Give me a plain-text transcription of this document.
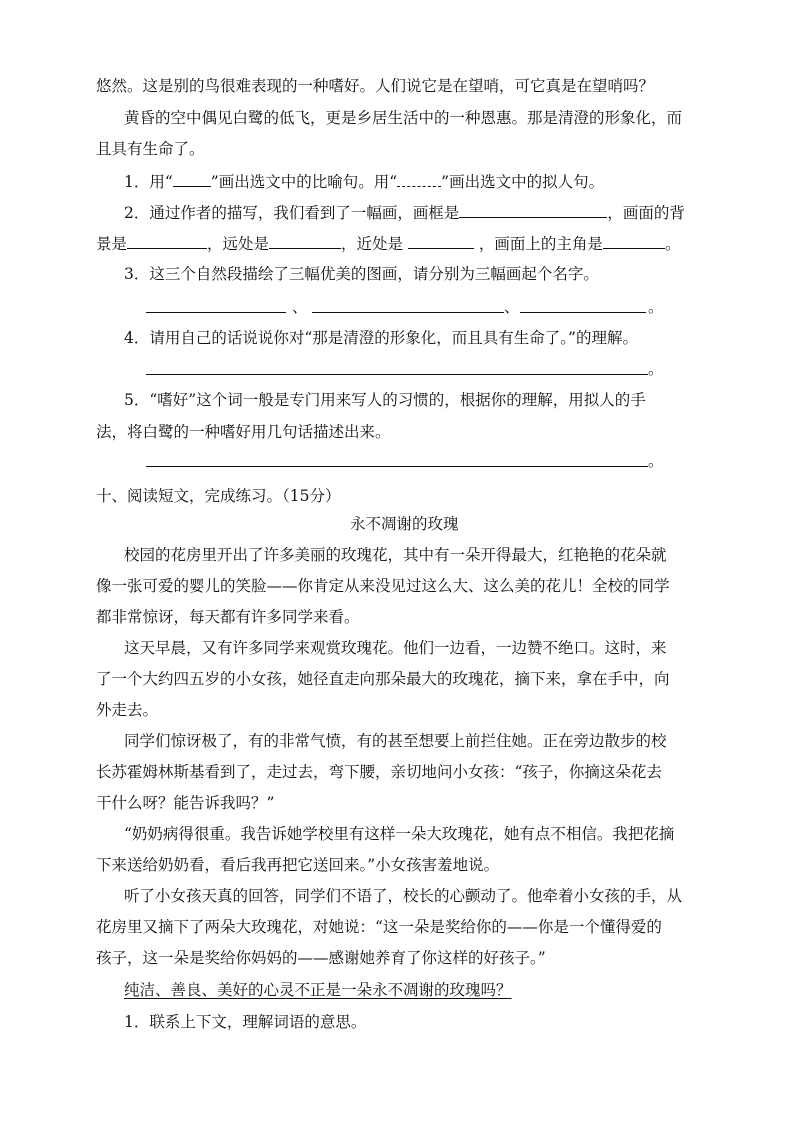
悠然。这是别的鸟很难表现的一种嗜好。人们说它是在望哨，可它真是在望哨吗？
黄昏的空中偶见白鹭的低飞，更是乡居生活中的一种恩惠。那是清澄的形象化，而
且具有生命了。
1．用“ ”画出选文中的比喻句。用“	”画出选文中的拟人句。
2．通过作者的描写，我们看到了一幅画，画框是	，画面的背
景是	，远处是	，近处是	，画面上的主角是	。
3．这三个自然段描绘了三幅优美的图画，请分别为三幅画起个名字。
、	、	。
4．请用自己的话说说你对“那是清澄的形象化，而且具有生命了。”的理解。
。
5．“嗜好”这个词一般是专门用来写人的习惯的，根据你的理解，用拟人的手
法，将白鹭的一种嗜好用几句话描述出来。
。
十、阅读短文，完成练习。（15分）
永不凋谢的玫瑰
校园的花房里开出了许多美丽的玫瑰花，其中有一朵开得最大，红艳艳的花朵就
像一张可爱的婴儿的笑脸——你肯定从来没见过这么大、这么美的花儿！全校的同学
都非常惊讶，每天都有许多同学来看。
这天早晨，又有许多同学来观赏玫瑰花。他们一边看，一边赞不绝口。这时，来
了一个大约四五岁的小女孩，她径直走向那朵最大的玫瑰花，摘下来，拿在手中，向
外走去。
同学们惊讶极了，有的非常气愤，有的甚至想要上前拦住她。正在旁边散步的校
长苏霍姆林斯基看到了，走过去，弯下腰，亲切地问小女孩：“孩子，你摘这朵花去
干什么呀？能告诉我吗？”
“奶奶病得很重。我告诉她学校里有这样一朵大玫瑰花，她有点不相信。我把花摘
下来送给奶奶看，看后我再把它送回来。”小女孩害羞地说。
听了小女孩天真的回答，同学们不语了，校长的心颤动了。他牵着小女孩的手，从
花房里又摘下了两朵大玫瑰花，对她说：“这一朵是奖给你的——你是一个懂得爱的
孩子，这一朵是奖给你妈妈的——感谢她养育了你这样的好孩子。”
纯洁、善良、美好的心灵不正是一朵永不凋谢的玫瑰吗？
1．联系上下文，理解词语的意思。
